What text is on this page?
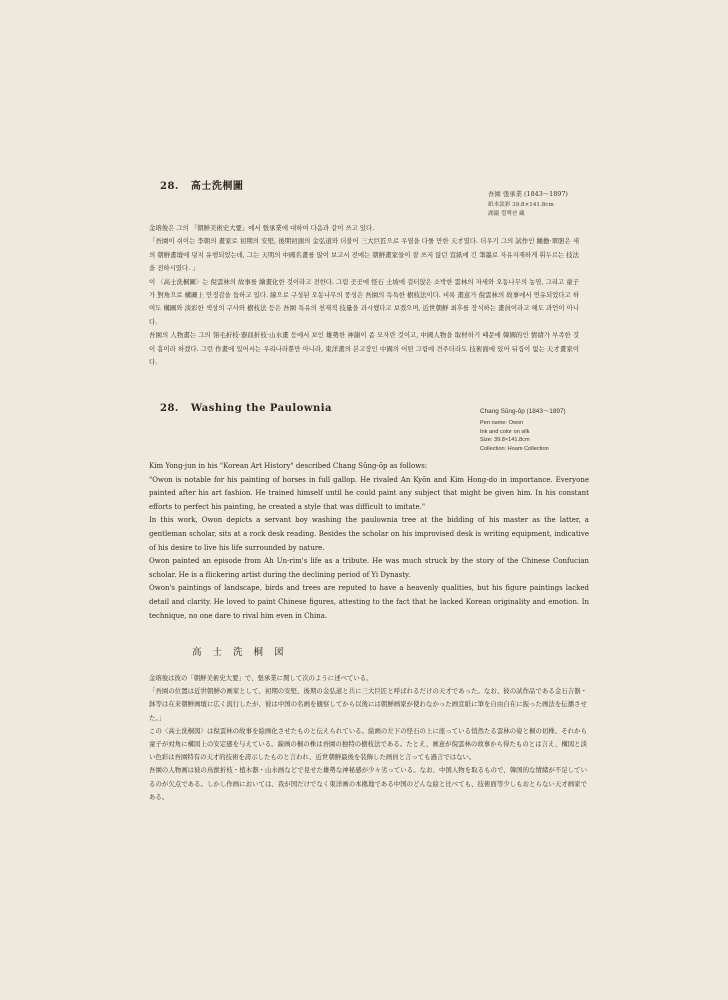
28. 高士洗桐圖
吾園 張承業 (1843～1897)
紙本淡彩 39.8×141.8cm
湖巖 컬렉션 藏

金瑢俊은 그의 「朝鮮美術史大要」에서 張承業에 대하여 다음과 같이 쓰고 있다.

「吾園이 쉬이는 李朝의 畫家로 初期의 安堅, 後期初頭의 金弘道와 더불어 三大巨匠으로 우열을 다툴 만한 天才였다. 더우기 그의 試作인 鍾擔·翠胆은 새의 朝鮮畫壇에 덩지 유행되었는데, 그는 天明의 中國名畫를 많이 보고서 전에는 朝鮮畫家들이 잘 쓰지 않던 宣紙에 긴 筆墨로 자유자재하게 휘두르는 技法을 전하시였다. 」

이 〈高士洗桐圖〉는 倪雲林의 故事를 繪畫化한 것이라고 전한다. 그림 곳곳에 怪石 土坡에 걸터앉은 소박한 雲林의 자세와 오동나무의 농염, 그리고 童子가 對角으로 構圖上 안정감을 돕하고 있다. 線으로 구성된 오동나무의 풍성은 吾園의 독특한 樹枝法이다. 비록 畫意가 倪雲林의 故事에서 연유되었다고 하여도 構圖와 淡彩한 색상의 구사와 樹枝法 등은 吾園 특유의 천재적 技量을 과시했다고 보겠으며, 近世朝鮮 최후를 장식하는 畫員이라고 해도 과언이 아니다.

吾園의 人物畫는 그의 翎毛折枝·器皿折枝·山水畫 등에서 보인 雄勢한 神韻이 좀 모자란 것이고, 中國人物을 取材하기 때문에 韓國的인 情緖가 부족한 것이 흠이라 하겠다. 그런 作畫에 있어서는 우리나라뿐만 아니라, 東洋畫의 본고장인 中國의 어떤 그림에 견주더라도 技術面에 있어 뒤집이 없는 天才畫家이다.

28. Washing the Paulownia	Chang Sŭng-ŏp (1843～1897)
Pen name: Owon
Ink and color on silk
Size: 39.8×141.8cm
Collection: Hoam Collection

Kim Yong-jun in his "Korean Art History" described Chang Sŭng-ŏp as follows:

"Owon is notable for his painting of horses in full gallop. He rivaled An Kyŏn and Kim Hong-do in importance. Everyone painted after his art fashion. He trained himself until he could paint any subject that might be given him. In his constant efforts to perfect his painting, he created a style that was difficult to imitate."

In this work, Owon depicts a servant boy washing the paulownia tree at the bidding of his master as the latter, a gentleman scholar, sits at a rock desk reading. Besides the scholar on his improvised desk is writing equipment, indicative of his desire to live his life surrounded by nature.

Owon painted an episode from Ah Un-rim's life as a tribute. He was much struck by the story of the Chinese Confucian scholar. He is a flickering artist during the declining period of Yi Dynasty.

Owon's paintings of landscape, birds and trees are reputed to have a heavenly qualities, but his figure paintings lacked detail and clarity. He loved to paint Chinese figures, attesting to the fact that he lacked Korean originality and emotion. In technique, no one dare to rival him even in China.

高 士 洗 桐 図

金瑢俊は彼の「朝鮮美術史大要」で、張承業に関して次のように述べている。

「吾園の位置は近世朝鮮の画家として、初期の安堅、後期の金弘道と共に三大巨匠と呼ばれるだけの天才であった。なお、彼の試作品である金石吉器・鉢等は在来朝鮮画壇に広く流行したが、彼は中国の名画を観察してから以後には朝鮮画家が使わなかった画宣紙に筆を自由自在に振った画法を伝播させた。」

この〈高士洗桐図〉は倪雲林の故事を絵画化させたものと伝えられている。絵画の左下の怪石の上に座っている悄然たる雲林の姿と桐の切株、それから童子が対角に構図上の安定感を与えている。線画の桐の株は吾園の独特の樹枝法である。たとえ、画意が倪雲林の故事から得たものとは言え、構図と淡い色彩は吾園特有の天才的技術を誇示したものと言われ、近世朝鮮最後を装飾した画員と言っても過言ではない。

吾園の人物画は彼の鳥獣折枝・植木器・山水画などで見せた雄勢な神秘感が少々劣っている。なお、中国人物を取るもので、韓国的な情緒が不足しているのが欠点である。しかし作画においては、我が国だけでなく東洋画の本拠地である中国のどんな絵と比べても、技術面等少しもおとらない天才画家である。
